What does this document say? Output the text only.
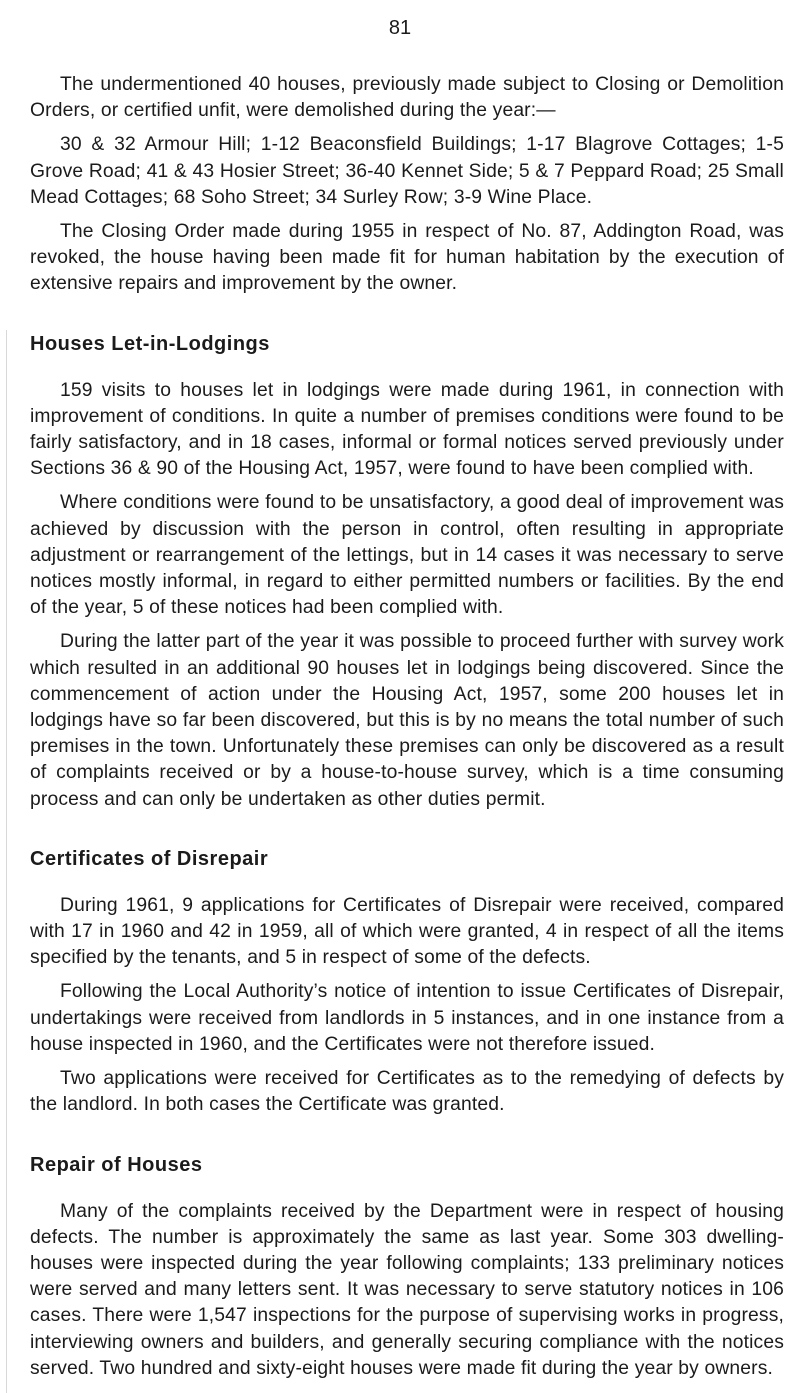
81

The undermentioned 40 houses, previously made subject to Closing or Demolition Orders, or certified unfit, were demolished during the year:—

30 & 32 Armour Hill; 1-12 Beaconsfield Buildings; 1-17 Blagrove Cottages; 1-5 Grove Road; 41 & 43 Hosier Street; 36-40 Kennet Side; 5 & 7 Peppard Road; 25 Small Mead Cottages; 68 Soho Street; 34 Surley Row; 3-9 Wine Place.

The Closing Order made during 1955 in respect of No. 87, Addington Road, was revoked, the house having been made fit for human habitation by the execution of extensive repairs and improvement by the owner.

Houses Let-in-Lodgings

159 visits to houses let in lodgings were made during 1961, in connection with improvement of conditions. In quite a number of premises conditions were found to be fairly satisfactory, and in 18 cases, informal or formal notices served previously under Sections 36 & 90 of the Housing Act, 1957, were found to have been complied with.

Where conditions were found to be unsatisfactory, a good deal of improvement was achieved by discussion with the person in control, often resulting in appropriate adjustment or rearrangement of the lettings, but in 14 cases it was necessary to serve notices mostly informal, in regard to either permitted numbers or facilities. By the end of the year, 5 of these notices had been complied with.

During the latter part of the year it was possible to proceed further with survey work which resulted in an additional 90 houses let in lodgings being discovered. Since the commencement of action under the Housing Act, 1957, some 200 houses let in lodgings have so far been discovered, but this is by no means the total number of such premises in the town. Unfortunately these premises can only be discovered as a result of complaints received or by a house-to-house survey, which is a time consuming process and can only be undertaken as other duties permit.

Certificates of Disrepair

During 1961, 9 applications for Certificates of Disrepair were received, compared with 17 in 1960 and 42 in 1959, all of which were granted, 4 in respect of all the items specified by the tenants, and 5 in respect of some of the defects.

Following the Local Authority’s notice of intention to issue Certificates of Disrepair, undertakings were received from landlords in 5 instances, and in one instance from a house inspected in 1960, and the Certificates were not therefore issued.

Two applications were received for Certificates as to the remedying of defects by the landlord. In both cases the Certificate was granted.

Repair of Houses

Many of the complaints received by the Department were in respect of housing defects. The number is approximately the same as last year. Some 303 dwelling-houses were inspected during the year following complaints; 133 preliminary notices were served and many letters sent. It was necessary to serve statutory notices in 106 cases. There were 1,547 inspections for the purpose of supervising works in progress, interviewing owners and builders, and generally securing compliance with the notices served. Two hundred and sixty-eight houses were made fit during the year by owners.
